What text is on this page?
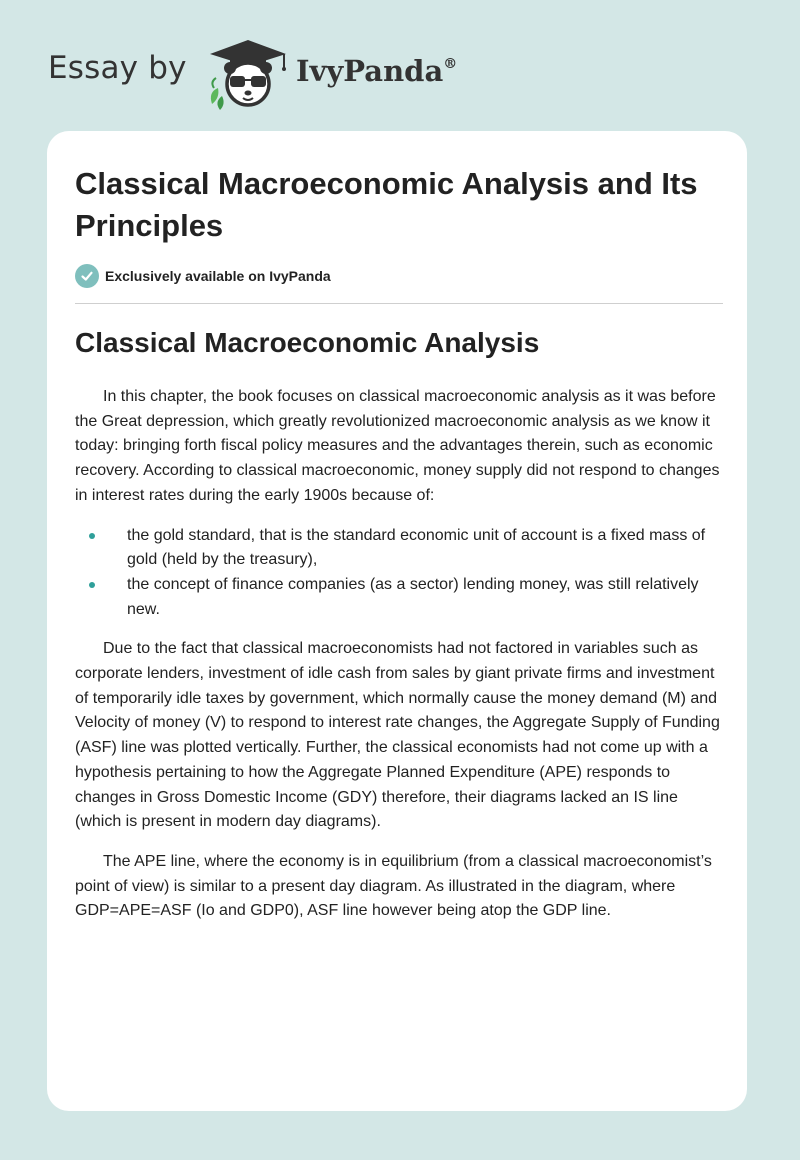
Essay by	IvyPanda®
Classical Macroeconomic Analysis and Its Principles
Exclusively available on IvyPanda
Classical Macroeconomic Analysis

In this chapter, the book focuses on classical macroeconomic analysis as it was before the Great depression, which greatly revolutionized macroeconomic analysis as we know it today: bringing forth fiscal policy measures and the advantages therein, such as economic recovery. According to classical macroeconomic, money supply did not respond to changes in interest rates during the early 1900s because of:

the gold standard, that is the standard economic unit of account is a fixed mass of gold (held by the treasury),
the concept of finance companies (as a sector) lending money, was still relatively new.

Due to the fact that classical macroeconomists had not factored in variables such as corporate lenders, investment of idle cash from sales by giant private firms and investment of temporarily idle taxes by government, which normally cause the money demand (M) and Velocity of money (V) to respond to interest rate changes, the Aggregate Supply of Funding (ASF) line was plotted vertically. Further, the classical economists had not come up with a hypothesis pertaining to how the Aggregate Planned Expenditure (APE) responds to changes in Gross Domestic Income (GDY) therefore, their diagrams lacked an IS line (which is present in modern day diagrams).

The APE line, where the economy is in equilibrium (from a classical macroeconomist’s point of view) is similar to a present day diagram. As illustrated in the diagram, where GDP=APE=ASF (Io and GDP0), ASF line however being atop the GDP line.
